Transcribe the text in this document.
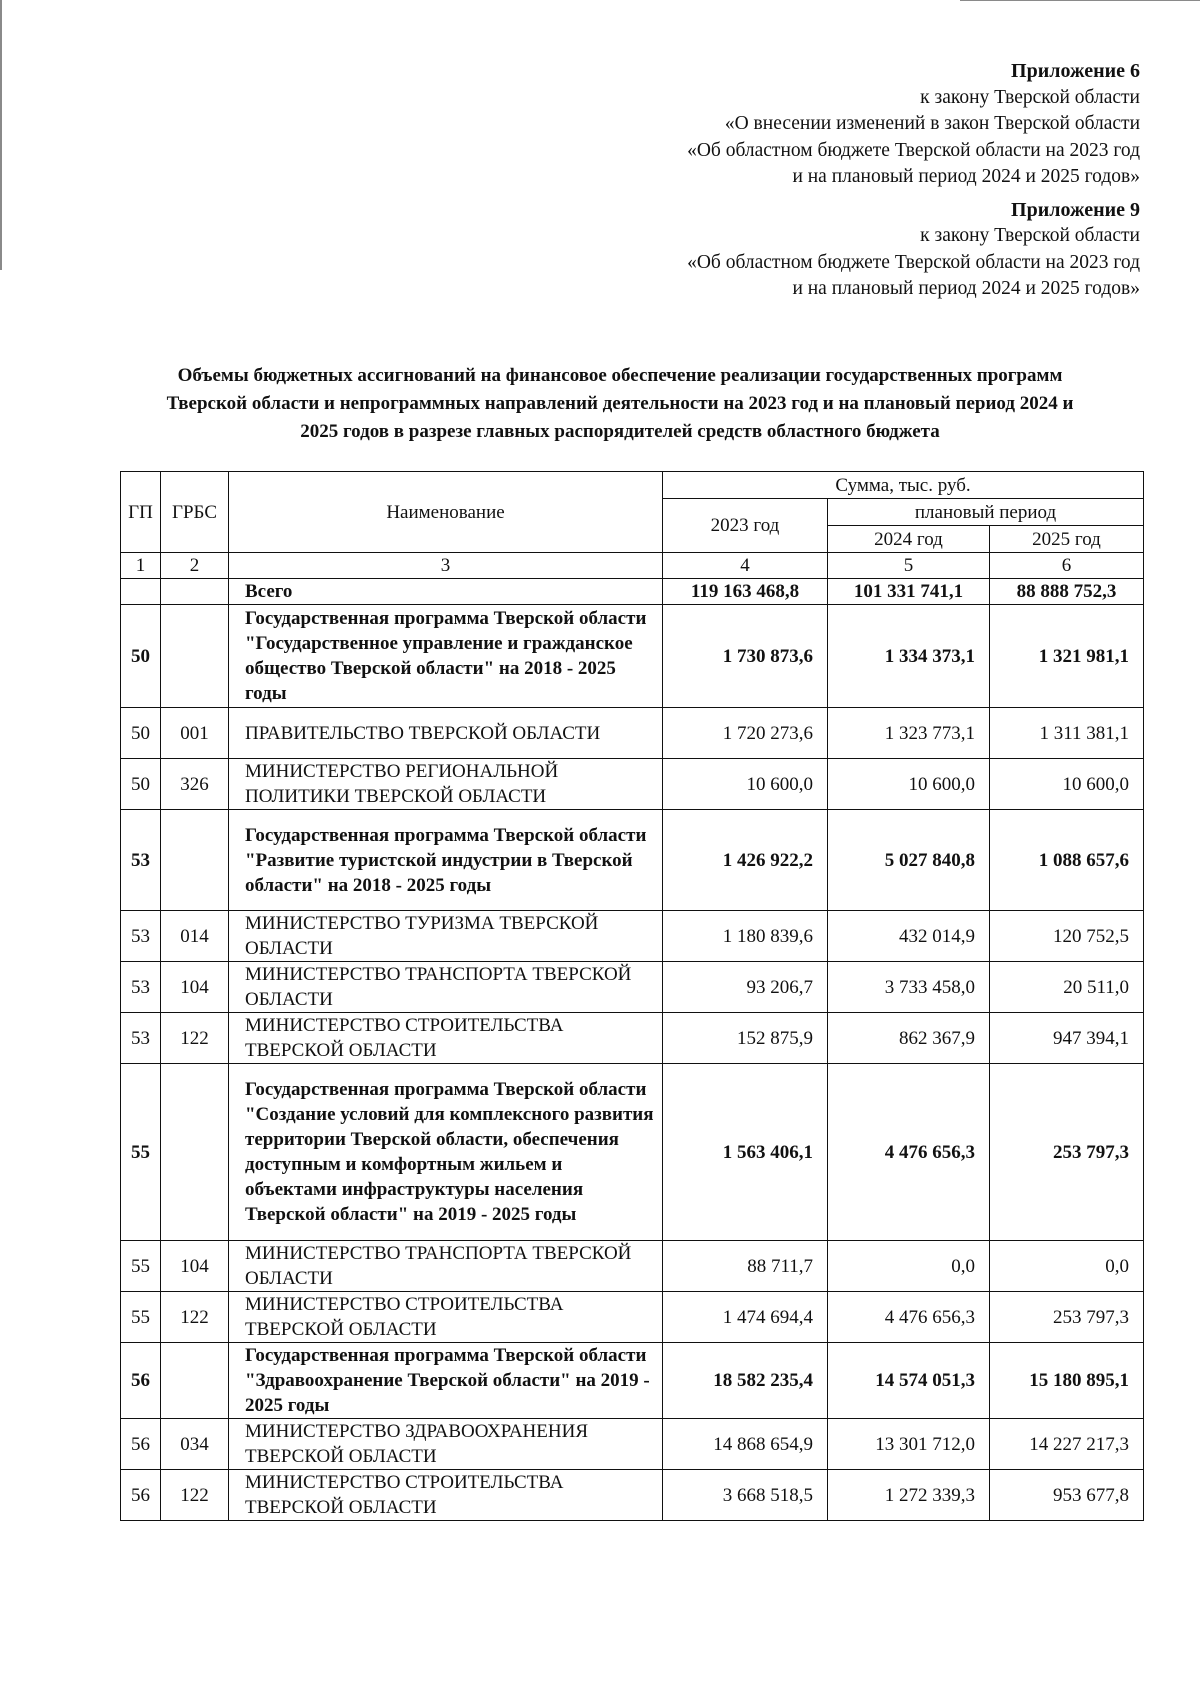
Приложение 6
к закону Тверской области
«О внесении изменений в закон Тверской области
«Об областном бюджете Тверской области на 2023 год
и на плановый период 2024 и 2025 годов»
Приложение 9
к закону Тверской области
«Об областном бюджете Тверской области на 2023 год
и на плановый период 2024 и 2025 годов»
Объемы бюджетных ассигнований на финансовое обеспечение реализации государственных программ
Тверской области и непрограммных направлений деятельности на 2023 год и на плановый период 2024 и
2025 годов в разрезе главных распорядителей средств областного бюджета
ГП	ГРБС	Наименование	Сумма, тыс. руб.		
			2023 год	плановый период	
				2024 год	2025 год
1	2	3	4	5	6
		Всего	119 163 468,8	101 331 741,1	88 888 752,3
50		Государственная программа Тверской области "Государственное управление и гражданское общество Тверской области" на 2018 - 2025 годы	1 730 873,6	1 334 373,1	1 321 981,1
50	001	ПРАВИТЕЛЬСТВО ТВЕРСКОЙ ОБЛАСТИ	1 720 273,6	1 323 773,1	1 311 381,1
50	326	МИНИСТЕРСТВО РЕГИОНАЛЬНОЙ ПОЛИТИКИ ТВЕРСКОЙ ОБЛАСТИ	10 600,0	10 600,0	10 600,0
53		Государственная программа Тверской области "Развитие туристской индустрии в Тверской области" на 2018 - 2025 годы	1 426 922,2	5 027 840,8	1 088 657,6
53	014	МИНИСТЕРСТВО ТУРИЗМА ТВЕРСКОЙ ОБЛАСТИ	1 180 839,6	432 014,9	120 752,5
53	104	МИНИСТЕРСТВО ТРАНСПОРТА ТВЕРСКОЙ ОБЛАСТИ	93 206,7	3 733 458,0	20 511,0
53	122	МИНИСТЕРСТВО СТРОИТЕЛЬСТВА ТВЕРСКОЙ ОБЛАСТИ	152 875,9	862 367,9	947 394,1
55		Государственная программа Тверской области "Создание условий для комплексного развития территории Тверской области, обеспечения доступным и комфортным жильем и объектами инфраструктуры населения Тверской области" на 2019 - 2025 годы	1 563 406,1	4 476 656,3	253 797,3
55	104	МИНИСТЕРСТВО ТРАНСПОРТА ТВЕРСКОЙ ОБЛАСТИ	88 711,7	0,0	0,0
55	122	МИНИСТЕРСТВО СТРОИТЕЛЬСТВА ТВЕРСКОЙ ОБЛАСТИ	1 474 694,4	4 476 656,3	253 797,3
56		Государственная программа Тверской области "Здравоохранение Тверской области" на 2019 - 2025 годы	18 582 235,4	14 574 051,3	15 180 895,1
56	034	МИНИСТЕРСТВО ЗДРАВООХРАНЕНИЯ ТВЕРСКОЙ ОБЛАСТИ	14 868 654,9	13 301 712,0	14 227 217,3
56	122	МИНИСТЕРСТВО СТРОИТЕЛЬСТВА ТВЕРСКОЙ ОБЛАСТИ	3 668 518,5	1 272 339,3	953 677,8
